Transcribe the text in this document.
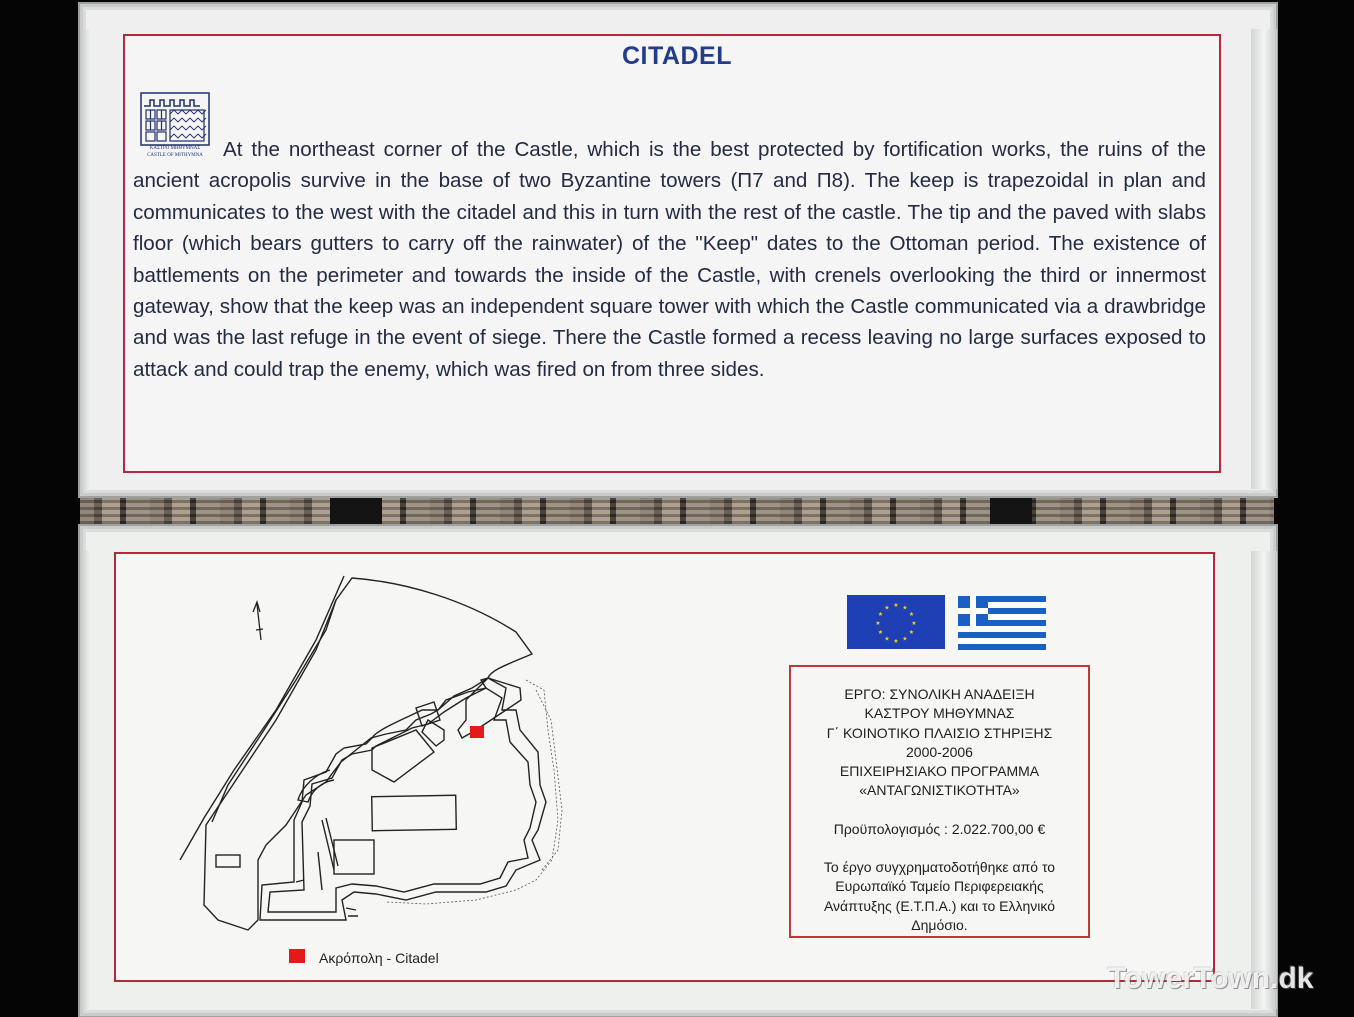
CITADEL
ΚΑΣΤΡΟ ΜΗΘΥΜΝΑΣ CASTLE OF MITHYMNA At the northeast corner of the Castle, which is the best protected by fortification works, the ruins of the ancient acropolis survive in the base of two Byzantine towers (Π7 and Π8). The keep is trapezoidal in plan and communicates to the west with the citadel and this in turn with the rest of the castle. The tip and the paved with slabs floor (which bears gutters to carry off the rainwater) of the "Keep" dates to the Ottoman period. The existence of battlements on the perimeter and towards the inside of the Castle, with crenels overlooking the third or innermost gateway, show that the keep was an independent square tower with which the Castle communicated via a drawbridge and was the last refuge in the event of siege. There the Castle formed a recess leaving no large surfaces exposed to attack and could trap the enemy, which was fired on from three sides.
Ακρόπολη - Citadel
★ ★
★
★
★
★
★
★
★
★
★
★
ΕΡΓΟ: ΣΥΝΟΛΙΚΗ ΑΝΑΔΕΙΞΗ
ΚΑΣΤΡΟΥ ΜΗΘΥΜΝΑΣ
Γ΄ ΚΟΙΝΟΤΙΚΟ ΠΛΑΙΣΙΟ ΣΤΗΡΙΞΗΣ
2000-2006
ΕΠΙΧΕΙΡΗΣΙΑΚΟ ΠΡΟΓΡΑΜΜΑ
«ΑΝΤΑΓΩΝΙΣΤΙΚΟΤΗΤΑ»
Προϋπολογισμός : 2.022.700,00 €
Το έργο συγχρηματοδοτήθηκε από το
Ευρωπαϊκό Ταμείο Περιφερειακής
Ανάπτυξης (Ε.Τ.Π.Α.) και το Ελληνικό
Δημόσιο.
TowerTown.dk
